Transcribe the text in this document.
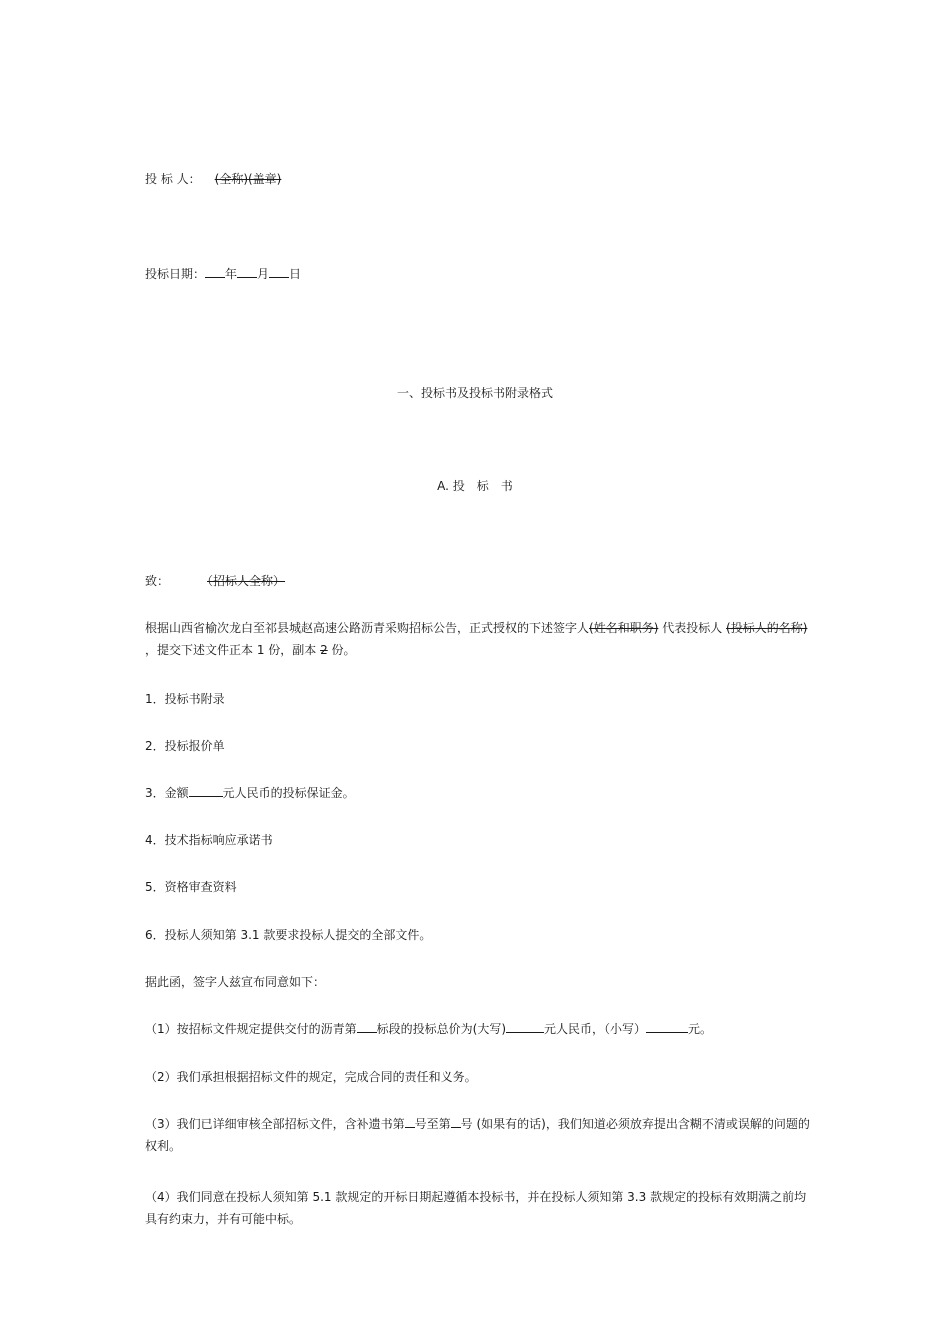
投 标 人： (全称)(盖章)
投标日期： 年 月 日
一、投标书及投标书附录格式
A. 投　标　书
致：	（招标人全称）
根据山西省榆次龙白至祁县城赵高速公路沥青采购招标公告，正式授权的下述签字人(姓名和职务) 代表投标人 (投标人的名称) ，提交下述文件正本 1 份，副本 2 份。
1．投标书附录
2．投标报价单
3．金额	元人民币的投标保证金。
4．技术指标响应承诺书
5．资格审查资料
6．投标人须知第 3.1 款要求投标人提交的全部文件。
据此函，签字人兹宣布同意如下：
（1）按招标文件规定提供交付的沥青第 标段的投标总价为(大写)	元人民币，（小写）	元。
（2）我们承担根据招标文件的规定，完成合同的责任和义务。
（3）我们已详细审核全部招标文件，含补遗书第 号至第 号 (如果有的话)，我们知道必须放弃提出含糊不清或误解的问题的权利。
（4）我们同意在投标人须知第 5.1 款规定的开标日期起遵循本投标书，并在投标人须知第 3.3 款规定的投标有效期满之前均具有约束力，并有可能中标。
